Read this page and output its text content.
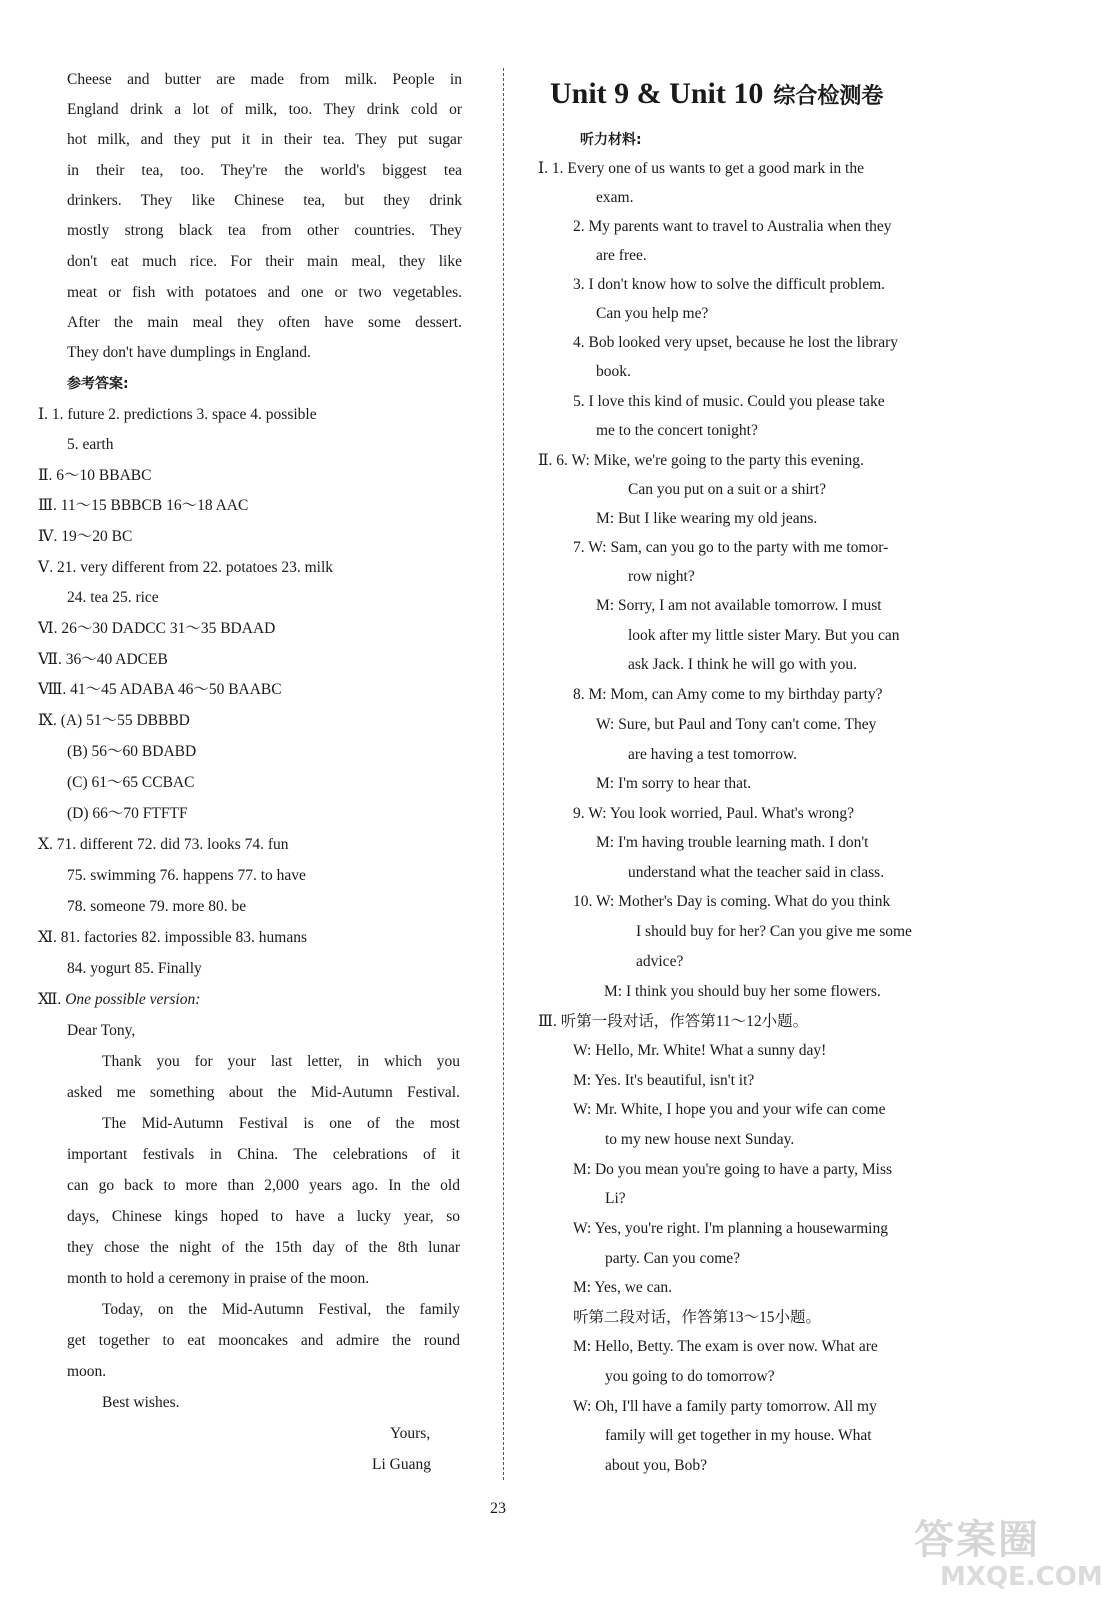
Cheese and butter are made from milk. People in
England drink a lot of milk, too. They drink cold or
hot milk, and they put it in their tea. They put sugar
in their tea, too. They're the world's biggest tea
drinkers. They like Chinese tea, but they drink
mostly strong black tea from other countries. They
don't eat much rice. For their main meal, they like
meat or fish with potatoes and one or two vegetables.
After the main meal they often have some dessert.
They don't have dumplings in England.
参考答案:
Ⅰ. 1. future 2. predictions 3. space 4. possible
5. earth
Ⅱ. 6～10 BBABC
Ⅲ. 11～15 BBBCB 16～18 AAC
Ⅳ. 19～20 BC
Ⅴ. 21. very different from 22. potatoes 23. milk
24. tea 25. rice
Ⅵ. 26～30 DADCC 31～35 BDAAD
Ⅶ. 36～40 ADCEB
Ⅷ. 41～45 ADABA 46～50 BAABC
Ⅸ. (A) 51～55 DBBBD
(B) 56～60 BDABD
(C) 61～65 CCBAC
(D) 66～70 FTFTF
Ⅹ. 71. different 72. did 73. looks 74. fun
75. swimming 76. happens 77. to have
78. someone 79. more 80. be
Ⅺ. 81. factories 82. impossible 83. humans
84. yogurt 85. Finally
Ⅻ. One possible version:
Dear Tony,
Thank you for your last letter, in which you
asked me something about the Mid-Autumn Festival.
The Mid-Autumn Festival is one of the most
important festivals in China. The celebrations of it
can go back to more than 2,000 years ago. In the old
days, Chinese kings hoped to have a lucky year, so
they chose the night of the 15th day of the 8th lunar
month to hold a ceremony in praise of the moon.
Today, on the Mid-Autumn Festival, the family
get together to eat mooncakes and admire the round
moon.
Best wishes.
Yours,
Li Guang
Unit 9 & Unit 10 综合检测卷
听力材料:
Ⅰ. 1. Every one of us wants to get a good mark in the
exam.
2. My parents want to travel to Australia when they
are free.
3. I don't know how to solve the difficult problem.
Can you help me?
4. Bob looked very upset, because he lost the library
book.
5. I love this kind of music. Could you please take
me to the concert tonight?
Ⅱ. 6. W: Mike, we're going to the party this evening.
Can you put on a suit or a shirt?
M: But I like wearing my old jeans.
7. W: Sam, can you go to the party with me tomor-
row night?
M: Sorry, I am not available tomorrow. I must
look after my little sister Mary. But you can
ask Jack. I think he will go with you.
8. M: Mom, can Amy come to my birthday party?
W: Sure, but Paul and Tony can't come. They
are having a test tomorrow.
M: I'm sorry to hear that.
9. W: You look worried, Paul. What's wrong?
M: I'm having trouble learning math. I don't
understand what the teacher said in class.
10. W: Mother's Day is coming. What do you think
I should buy for her? Can you give me some
advice?
M: I think you should buy her some flowers.
Ⅲ. 听第一段对话，作答第11～12小题。
W: Hello, Mr. White! What a sunny day!
M: Yes. It's beautiful, isn't it?
W: Mr. White, I hope you and your wife can come
to my new house next Sunday.
M: Do you mean you're going to have a party, Miss
Li?
W: Yes, you're right. I'm planning a housewarming
party. Can you come?
M: Yes, we can.
听第二段对话，作答第13～15小题。
M: Hello, Betty. The exam is over now. What are
you going to do tomorrow?
W: Oh, I'll have a family party tomorrow. All my
family will get together in my house. What
about you, Bob?
23
答案圈
MXQE.COM
